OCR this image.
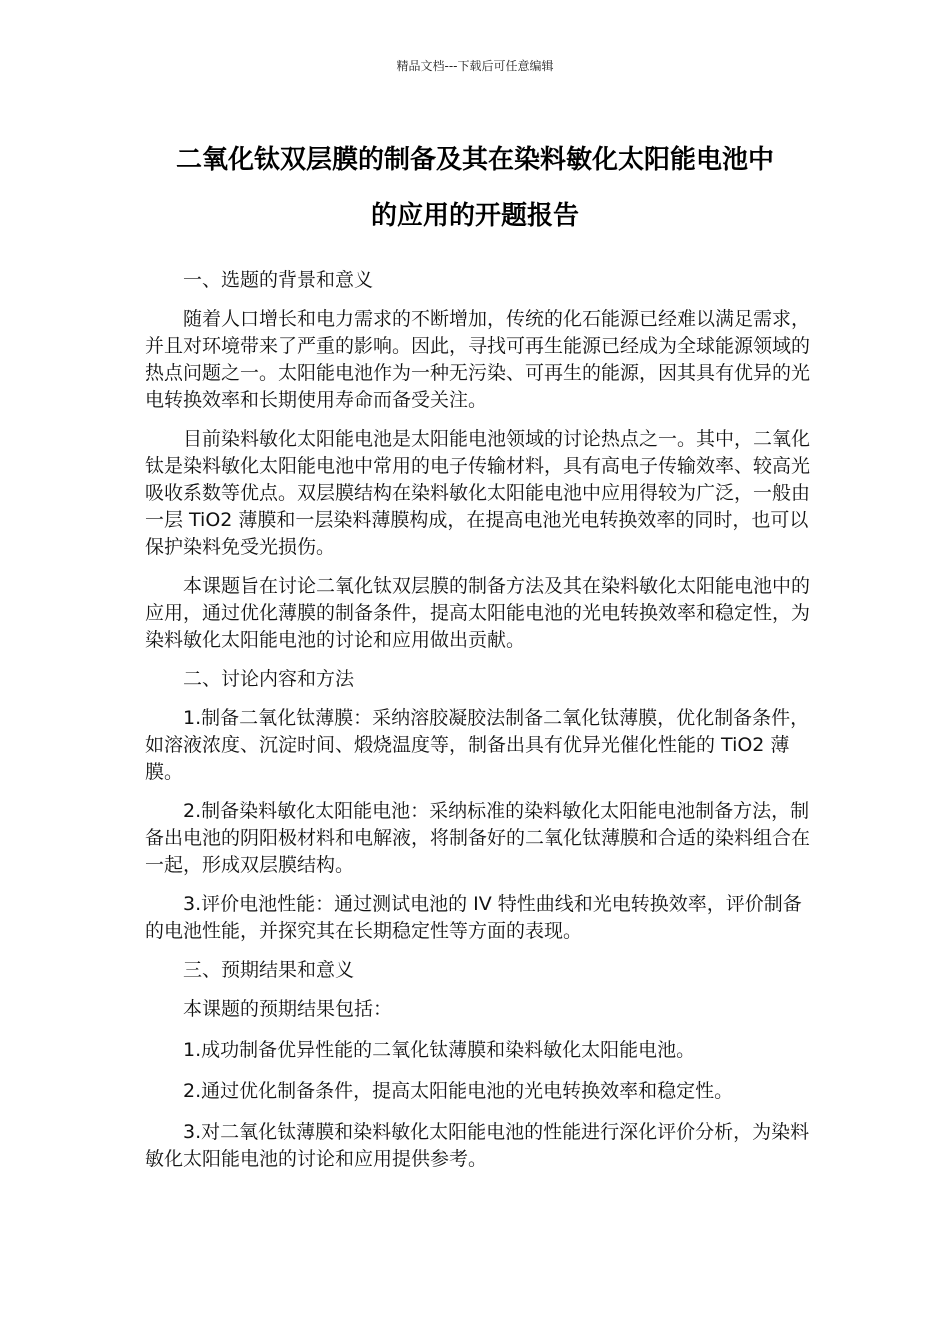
精品文档---下载后可任意编辑
二氧化钛双层膜的制备及其在染料敏化太阳能电池中
的应用的开题报告

一、选题的背景和意义

随着人口增长和电力需求的不断增加，传统的化石能源已经难以满足需求，并且对环境带来了严重的影响。因此，寻找可再生能源已经成为全球能源领域的热点问题之一。太阳能电池作为一种无污染、可再生的能源，因其具有优异的光电转换效率和长期使用寿命而备受关注。

目前染料敏化太阳能电池是太阳能电池领域的讨论热点之一。其中，二氧化钛是染料敏化太阳能电池中常用的电子传输材料，具有高电子传输效率、较高光吸收系数等优点。双层膜结构在染料敏化太阳能电池中应用得较为广泛，一般由一层 TiO2 薄膜和一层染料薄膜构成，在提高电池光电转换效率的同时，也可以保护染料免受光损伤。

本课题旨在讨论二氧化钛双层膜的制备方法及其在染料敏化太阳能电池中的应用，通过优化薄膜的制备条件，提高太阳能电池的光电转换效率和稳定性，为染料敏化太阳能电池的讨论和应用做出贡献。

二、讨论内容和方法

1.制备二氧化钛薄膜：采纳溶胶凝胶法制备二氧化钛薄膜，优化制备条件，如溶液浓度、沉淀时间、煅烧温度等，制备出具有优异光催化性能的 TiO2 薄膜。

2.制备染料敏化太阳能电池：采纳标准的染料敏化太阳能电池制备方法，制备出电池的阴阳极材料和电解液，将制备好的二氧化钛薄膜和合适的染料组合在一起，形成双层膜结构。

3.评价电池性能：通过测试电池的 IV 特性曲线和光电转换效率，评价制备的电池性能，并探究其在长期稳定性等方面的表现。

三、预期结果和意义

本课题的预期结果包括：

1.成功制备优异性能的二氧化钛薄膜和染料敏化太阳能电池。

2.通过优化制备条件，提高太阳能电池的光电转换效率和稳定性。

3.对二氧化钛薄膜和染料敏化太阳能电池的性能进行深化评价分析，为染料敏化太阳能电池的讨论和应用提供参考。
